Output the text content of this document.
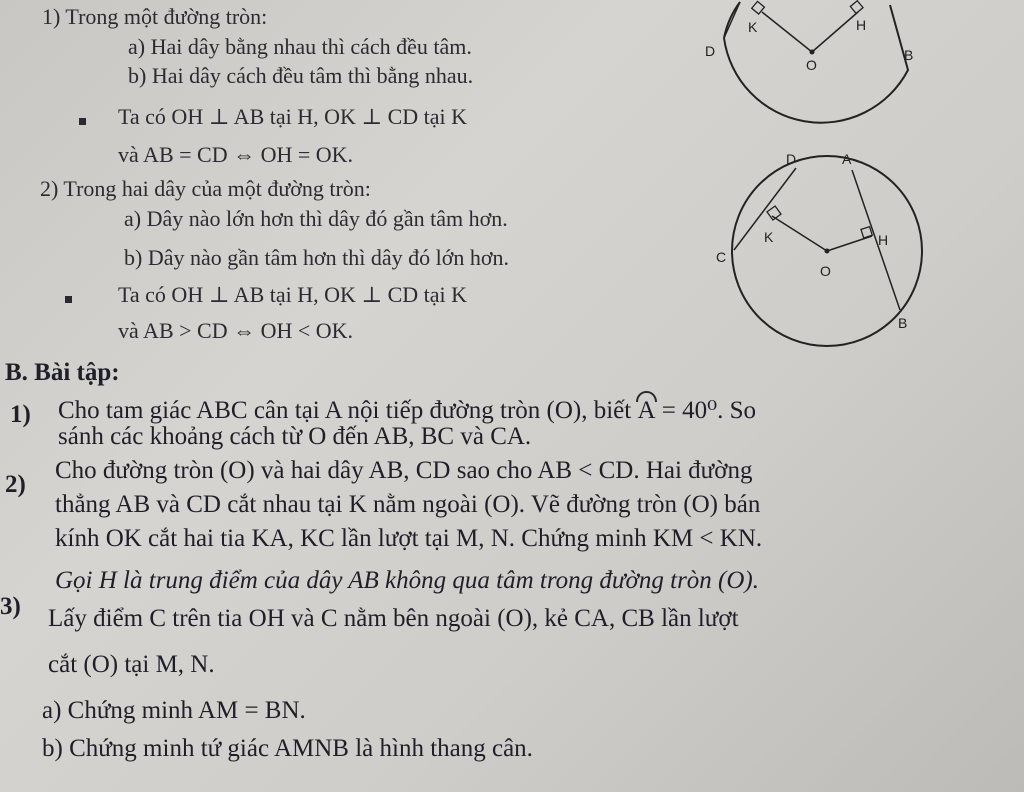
1) Trong một đường tròn:
a) Hai dây bằng nhau thì cách đều tâm.
b) Hai dây cách đều tâm thì bằng nhau.
Ta có OH ⊥ AB tại H, OK ⊥ CD tại K
và AB = CD ⇔ OH = OK.
2) Trong hai dây của một đường tròn:
a) Dây nào lớn hơn thì dây đó gần tâm hơn.
b) Dây nào gần tâm hơn thì dây đó lớn hơn.
Ta có OH ⊥ AB tại H, OK ⊥ CD tại K
và AB > CD ⇔ OH < OK.
B. Bài tập:
1) Cho tam giác ABC cân tại A nội tiếp đường tròn (O), biết A = 40⁰. So
sánh các khoảng cách từ O đến AB, BC và CA.
2)
Cho đường tròn (O) và hai dây AB, CD sao cho AB < CD. Hai đường
thẳng AB và CD cắt nhau tại K nằm ngoài (O). Vẽ đường tròn (O) bán
kính OK cắt hai tia KA, KC lần lượt tại M, N. Chứng minh KM < KN.
3)
Gọi H là trung điểm của dây AB không qua tâm trong đường tròn (O).
Lấy điểm C trên tia OH và C nằm bên ngoài (O), kẻ CA, CB lần lượt
cắt (O) tại M, N.
a) Chứng minh AM = BN.
b) Chứng minh tứ giác AMNB là hình thang cân.
K	H
D
O
B
D	A
K	H
C
O
B
